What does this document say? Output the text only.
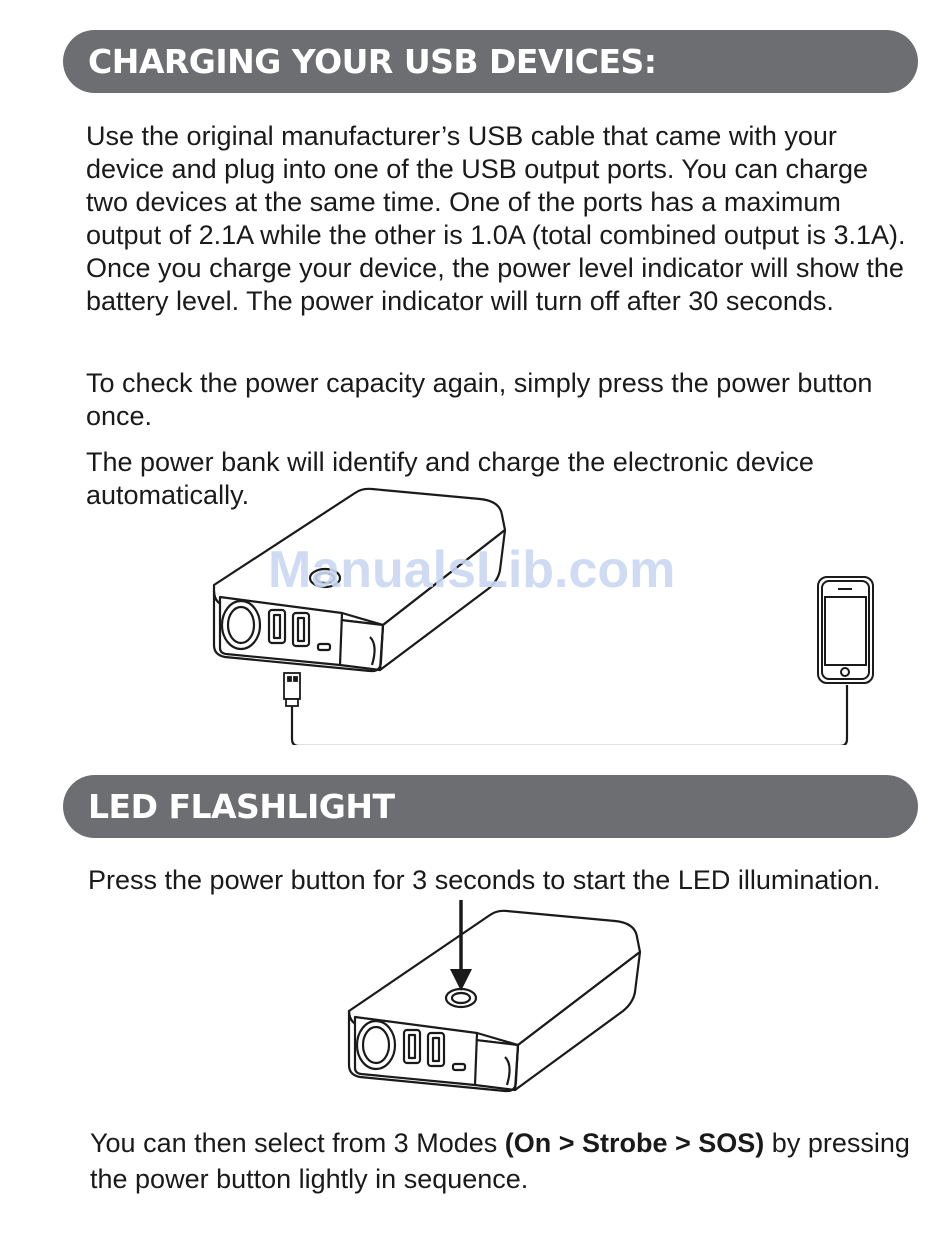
CHARGING YOUR USB DEVICES:

Use the original manufacturer’s USB cable that came with your device and plug into one of the USB output ports. You can charge two devices at the same time. One of the ports has a maximum output of 2.1A while the other is 1.0A (total combined output is 3.1A). Once you charge your device, the power level indicator will show the battery level. The power indicator will turn off after 30 seconds.

To check the power capacity again, simply press the power button once.

The power bank will identify and charge the electronic device automatically.

ManualsLib.com
LED FLASHLIGHT

Press the power button for 3 seconds to start the LED illumination.

You can then select from 3 Modes (On > Strobe > SOS) by pressing the power button lightly in sequence.
